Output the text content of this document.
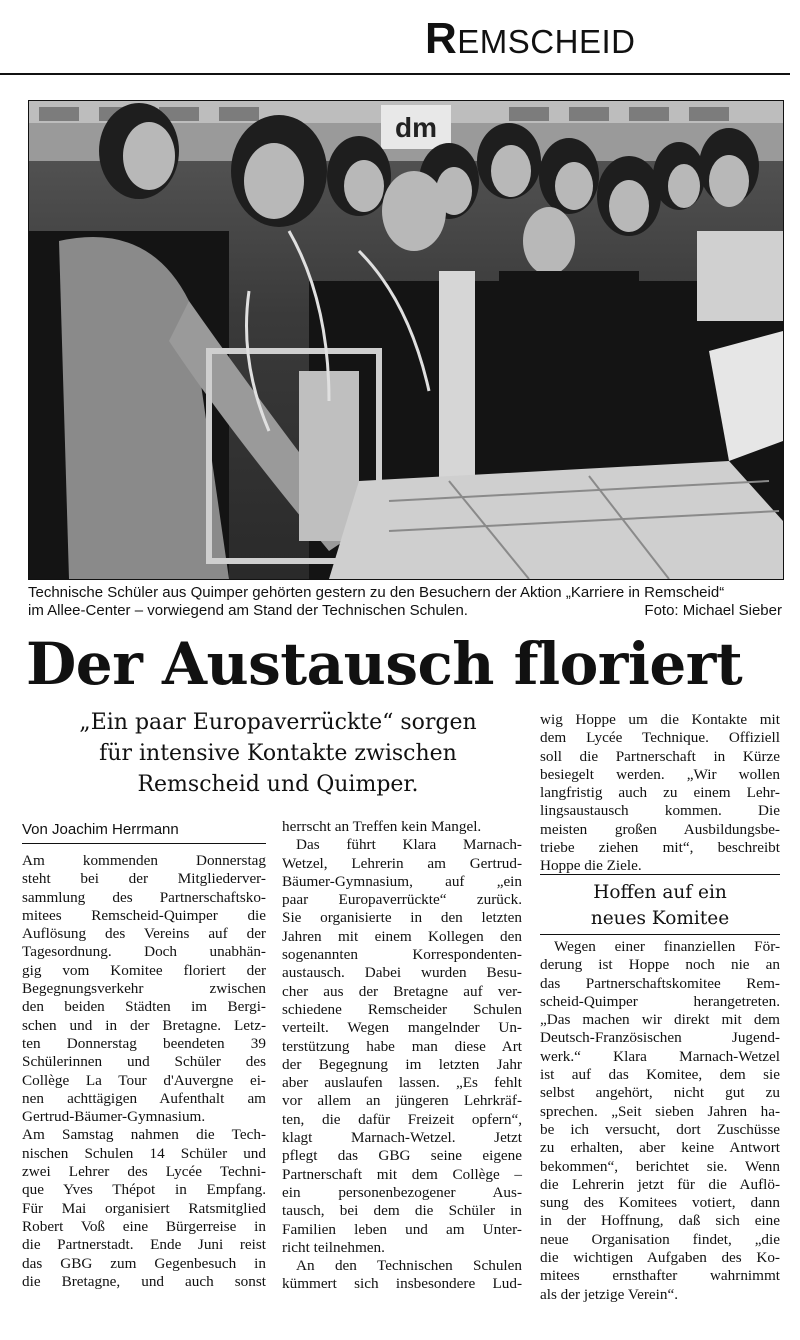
REMSCHEID
dm
Technische Schüler aus Quimper gehörten gestern zu den Besuchern der Aktion „Karriere in Remscheid“
im Allee-Center – vorwiegend am Stand der Technischen Schulen.	Foto: Michael Sieber
Der Austausch floriert
„Ein paar Europaverrückte“ sorgen
für intensive Kontakte zwischen
Remscheid und Quimper.
Von Joachim Herrmann
Am kommenden Donnerstag
steht bei der Mitgliederver-
sammlung des Partnerschaftsko-
mitees Remscheid-Quimper die
Auflösung des Vereins auf der
Tagesordnung. Doch unabhän-
gig vom Komitee floriert der
Begegnungsverkehr zwischen
den beiden Städten im Bergi-
schen und in der Bretagne. Letz-
ten Donnerstag beendeten 39
Schülerinnen und Schüler des
Collège La Tour d'Auvergne ei-
nen achttägigen Aufenthalt am
Gertrud-Bäumer-Gymnasium.
Am Samstag nahmen die Tech-
nischen Schulen 14 Schüler und
zwei Lehrer des Lycée Techni-
que Yves Thépot in Empfang.
Für Mai organisiert Ratsmitglied
Robert Voß eine Bürgerreise in
die Partnerstadt. Ende Juni reist
das GBG zum Gegenbesuch in
die Bretagne, und auch sonst
herrscht an Treffen kein Mangel.
Das führt Klara Marnach-
Wetzel, Lehrerin am Gertrud-
Bäumer-Gymnasium, auf „ein
paar Europaverrückte“ zurück.
Sie organisierte in den letzten
Jahren mit einem Kollegen den
sogenannten Korrespondenten-
austausch. Dabei wurden Besu-
cher aus der Bretagne auf ver-
schiedene Remscheider Schulen
verteilt. Wegen mangelnder Un-
terstützung habe man diese Art
der Begegnung im letzten Jahr
aber auslaufen lassen. „Es fehlt
vor allem an jüngeren Lehrkräf-
ten, die dafür Freizeit opfern“,
klagt Marnach-Wetzel. Jetzt
pflegt das GBG seine eigene
Partnerschaft mit dem Collège –
ein personenbezogener Aus-
tausch, bei dem die Schüler in
Familien leben und am Unter-
richt teilnehmen.
An den Technischen Schulen
kümmert sich insbesondere Lud-
wig Hoppe um die Kontakte mit
dem Lycée Technique. Offiziell
soll die Partnerschaft in Kürze
besiegelt werden. „Wir wollen
langfristig auch zu einem Lehr-
lingsaustausch kommen. Die
meisten großen Ausbildungsbe-
triebe ziehen mit“, beschreibt
Hoppe die Ziele.
Hoffen auf ein
neues Komitee
Wegen einer finanziellen För-
derung ist Hoppe noch nie an
das Partnerschaftskomitee Rem-
scheid-Quimper herangetreten.
„Das machen wir direkt mit dem
Deutsch-Französischen Jugend-
werk.“ Klara Marnach-Wetzel
ist auf das Komitee, dem sie
selbst angehört, nicht gut zu
sprechen. „Seit sieben Jahren ha-
be ich versucht, dort Zuschüsse
zu erhalten, aber keine Antwort
bekommen“, berichtet sie. Wenn
die Lehrerin jetzt für die Auflö-
sung des Komitees votiert, dann
in der Hoffnung, daß sich eine
neue Organisation findet, „die
die wichtigen Aufgaben des Ko-
mitees ernsthafter wahrnimmt
als der jetzige Verein“.
